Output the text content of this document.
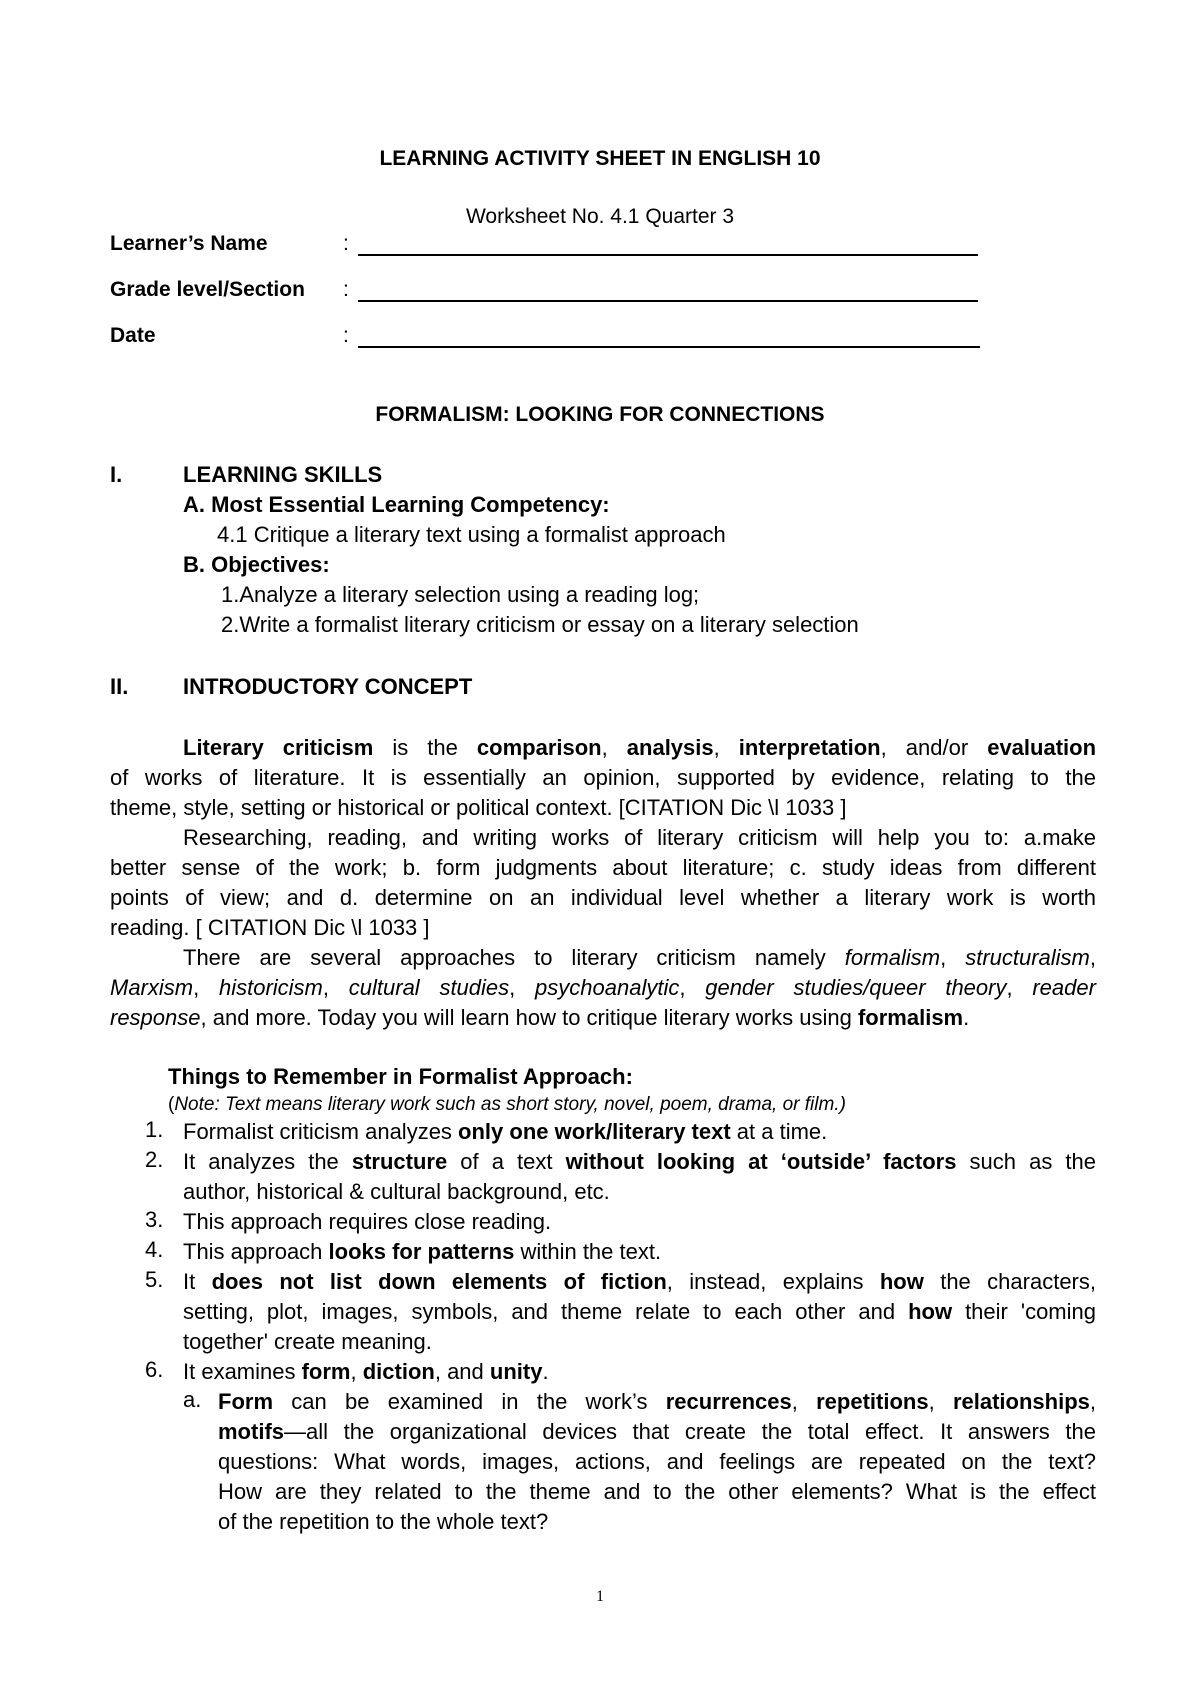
LEARNING ACTIVITY SHEET IN ENGLISH 10
Worksheet No. 4.1 Quarter 3
Learner’s Name	:
Grade level/Section :
Date	:
FORMALISM: LOOKING FOR CONNECTIONS
I.	LEARNING SKILLS
A. Most Essential Learning Competency:
4.1 Critique a literary text using a formalist approach
B. Objectives:
1.Analyze a literary selection using a reading log;
2.Write a formalist literary criticism or essay on a literary selection
II. INTRODUCTORY CONCEPT
Literary criticism is the comparison, analysis, interpretation, and/or evaluation
of works of literature. It is essentially an opinion, supported by evidence, relating to the
theme, style, setting or historical or political context. [CITATION Dic \l 1033 ]
Researching, reading, and writing works of literary criticism will help you to: a.make
better sense of the work; b. form judgments about literature; c. study ideas from different
points of view; and d. determine on an individual level whether a literary work is worth
reading. [ CITATION Dic \l 1033 ]
There are several approaches to literary criticism namely formalism, structuralism,
Marxism, historicism, cultural studies, psychoanalytic, gender studies/queer theory, reader
response, and more. Today you will learn how to critique literary works using formalism.
Things to Remember in Formalist Approach:
(Note: Text means literary work such as short story, novel, poem, drama, or film.)
1. Formalist criticism analyzes only one work/literary text at a time.
2. It analyzes the structure of a text without looking at ‘outside’ factors such as the
author, historical & cultural background, etc.
3. This approach requires close reading.
4. This approach looks for patterns within the text.
5. It does not list down elements of fiction, instead, explains how the characters,
setting, plot, images, symbols, and theme relate to each other and how their 'coming
together' create meaning.
6. It examines form, diction, and unity.
a. Form can be examined in the work’s recurrences, repetitions, relationships,
motifs—all the organizational devices that create the total effect. It answers the
questions: What words, images, actions, and feelings are repeated on the text?
How are they related to the theme and to the other elements? What is the effect
of the repetition to the whole text?
1
